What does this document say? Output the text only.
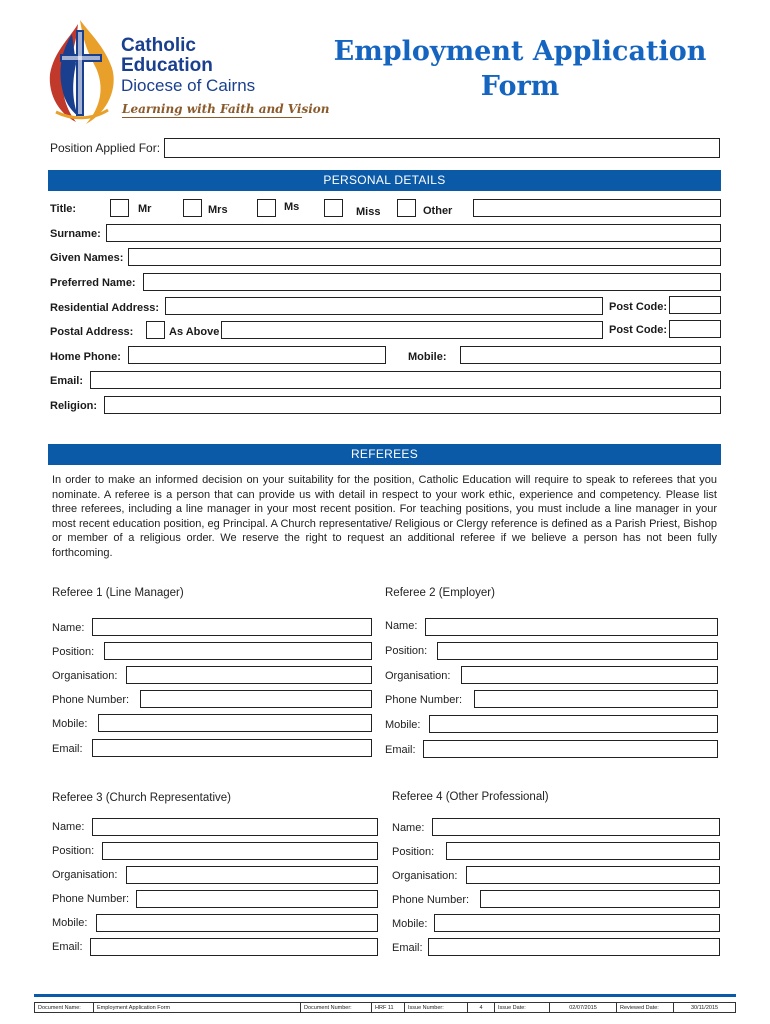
Catholic
Education
Diocese of Cairns
Learning with Faith and Vision
Employment Application
Form
Position Applied For:
PERSONAL DETAILS
Title:	Mr	Mrs	Ms	Miss	Other
Surname:
Given Names:
Preferred Name:
Residential Address:	Post Code:
Postal Address:	As Above	Post Code:
Home Phone:	Mobile:
Email:
Religion:
REFEREES
In order to make an informed decision on your suitability for the position, Catholic Education will require to speak to referees that you nominate. A referee is a person that can provide us with detail in respect to your work ethic, experience and competency. Please list three referees, including a line manager in your most recent position. For teaching positions, you must include a line manager in your most recent education position, eg Principal. A Church representative/ Religious or Clergy reference is defined as a Parish Priest, Bishop or member of a religious order. We reserve the right to request an additional referee if we believe a person has not been fully forthcoming.
Referee 1 (Line Manager)
Name:
Position:
Organisation:
Phone Number:
Mobile:
Email:
Referee 2 (Employer)
Name:
Position:
Organisation:
Phone Number:
Mobile:
Email:
Referee 3 (Church Representative)
Name:
Position:
Organisation:
Phone Number:
Mobile:
Email:
Referee 4 (Other Professional)
Name:
Position:
Organisation:
Phone Number:
Mobile:
Email:
Document Name:	Employment Application Form	Document Number:	HRF 11	Issue Number:	4	Issue Date:	02/07/2015	Reviewed Date:	30/11/2015
